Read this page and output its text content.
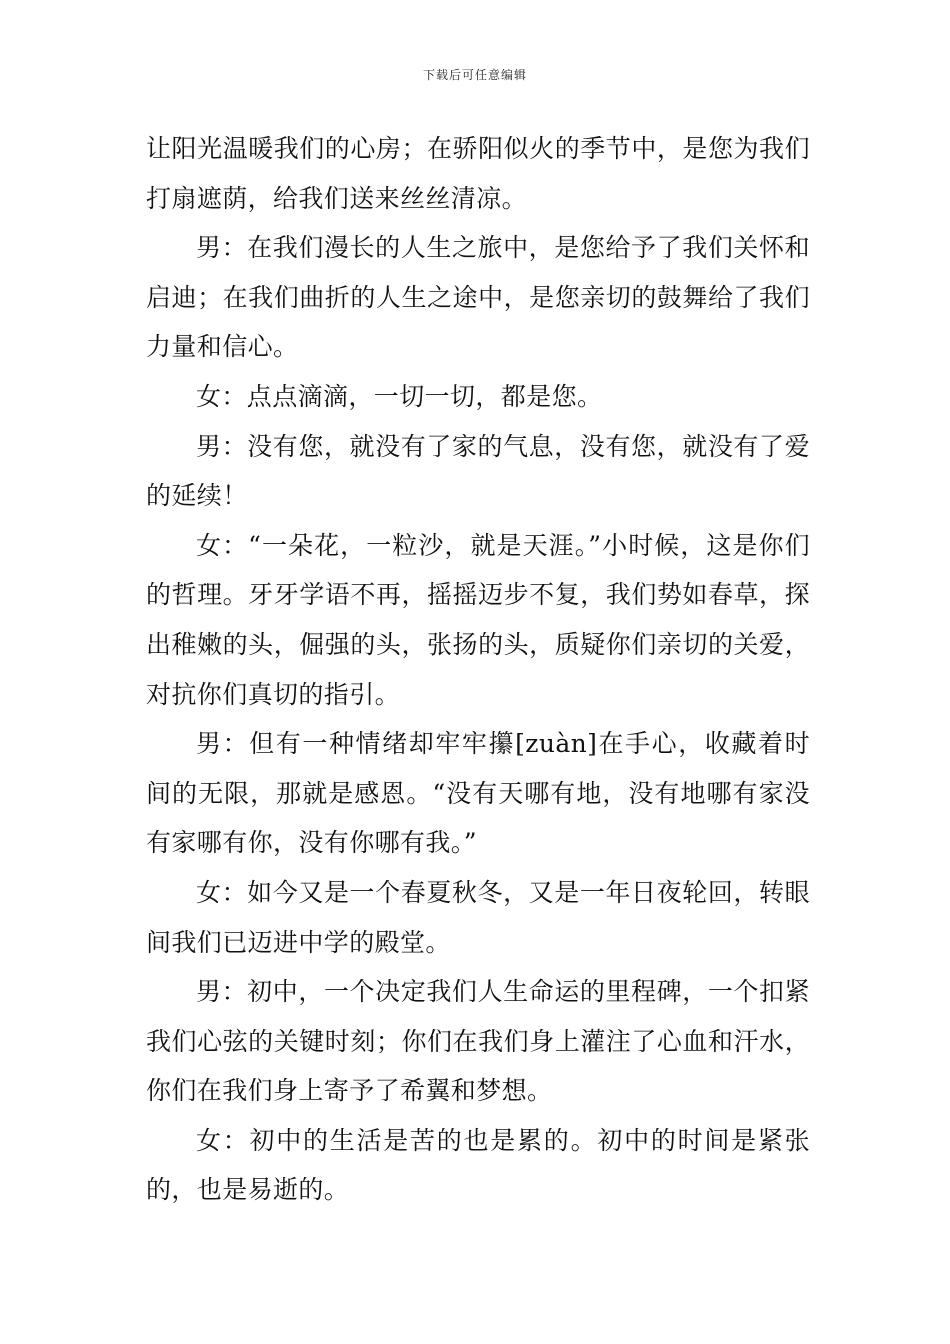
下载后可任意编辑

让阳光温暖我们的心房；在骄阳似火的季节中，是您为我们打扇遮荫，给我们送来丝丝清凉。

男：在我们漫长的人生之旅中，是您给予了我们关怀和启迪；在我们曲折的人生之途中，是您亲切的鼓舞给了我们力量和信心。

女：点点滴滴，一切一切，都是您。

男：没有您，就没有了家的气息，没有您，就没有了爱的延续！

女：“一朵花，一粒沙，就是天涯。”小时候，这是你们的哲理。牙牙学语不再，摇摇迈步不复，我们势如春草，探出稚嫩的头，倔强的头，张扬的头，质疑你们亲切的关爱，对抗你们真切的指引。

男：但有一种情绪却牢牢攥[zuàn]在手心，收藏着时间的无限，那就是感恩。“没有天哪有地，没有地哪有家没有家哪有你，没有你哪有我。”

女：如今又是一个春夏秋冬，又是一年日夜轮回，转眼间我们已迈进中学的殿堂。

男：初中，一个决定我们人生命运的里程碑，一个扣紧我们心弦的关键时刻；你们在我们身上灌注了心血和汗水，你们在我们身上寄予了希翼和梦想。

女：初中的生活是苦的也是累的。初中的时间是紧张的，也是易逝的。
